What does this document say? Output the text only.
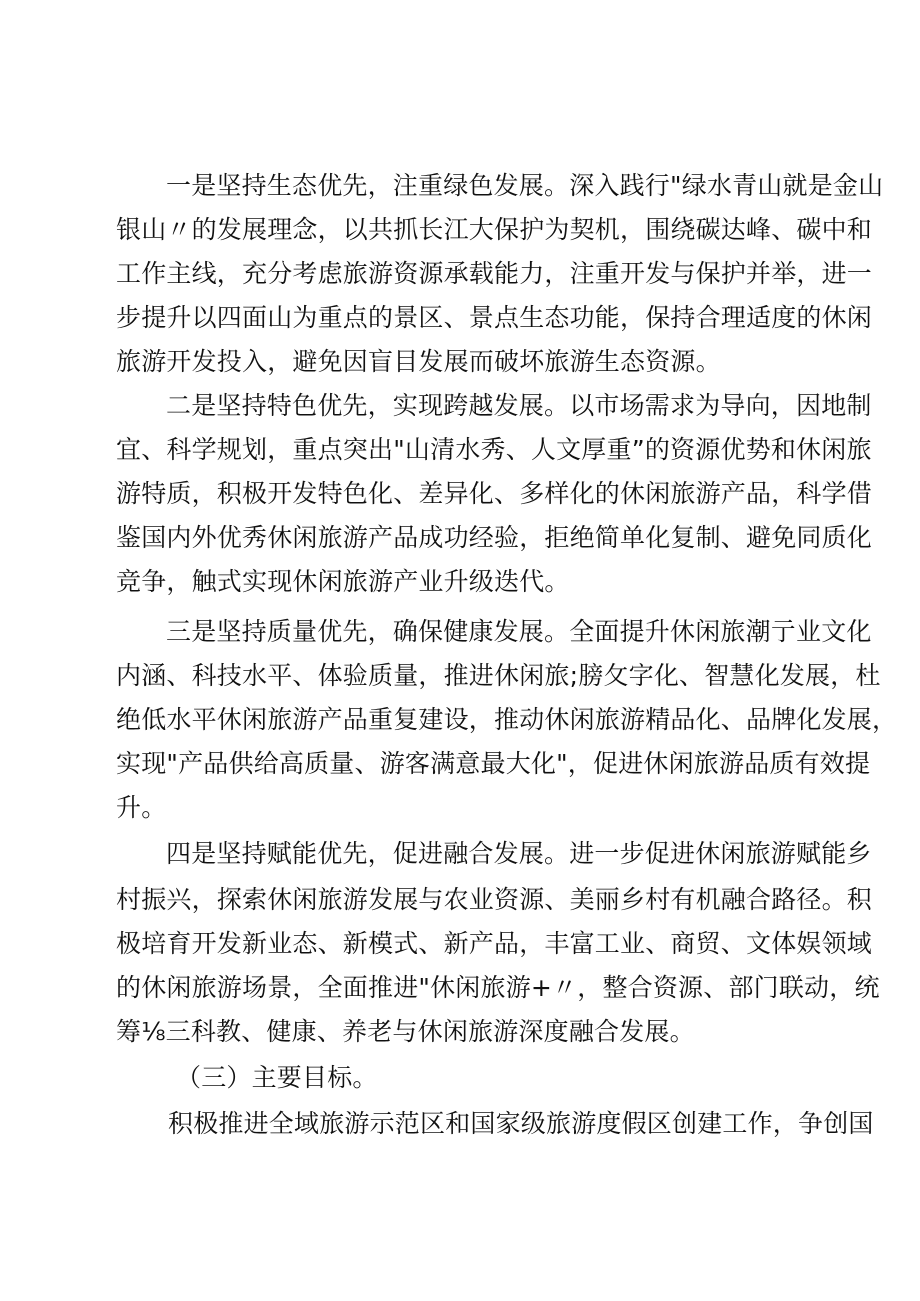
一是坚持生态优先，注重绿色发展。深入践行"绿水青山就是金山
银山〃的发展理念，以共抓长江大保护为契机，围绕碳达峰、碳中和
工作主线，充分考虑旅游资源承载能力，注重开发与保护并举，进一
步提升以四面山为重点的景区、景点生态功能，保持合理适度的休闲
旅游开发投入，避免因盲目发展而破坏旅游生态资源。
二是坚持特色优先，实现跨越发展。以市场需求为导向，因地制
宜、科学规划，重点突出"山清水秀、人文厚重”的资源优势和休闲旅
游特质，积极开发特色化、差异化、多样化的休闲旅游产品，科学借
鉴国内外优秀休闲旅游产品成功经验，拒绝简单化复制、避免同质化
竞争，触式实现休闲旅游产业升级迭代。
三是坚持质量优先，确保健康发展。全面提升休闲旅潮亍业文化
内涵、科技水平、体验质量，推进休闲旅;膀攵字化、智慧化发展，杜
绝低水平休闲旅游产品重复建设，推动休闲旅游精品化、品牌化发展，
实现"产品供给高质量、游客满意最大化"，促进休闲旅游品质有效提
升。
四是坚持赋能优先，促进融合发展。进一步促进休闲旅游赋能乡
村振兴，探索休闲旅游发展与农业资源、美丽乡村有机融合路径。积
极培育开发新业态、新模式、新产品，丰富工业、商贸、文体娱领域
的休闲旅游场景，全面推进"休闲旅游+〃，整合资源、部门联动，统
筹⅛三科教、健康、养老与休闲旅游深度融合发展。
（三）主要目标。
积极推进全域旅游示范区和国家级旅游度假区创建工作，争创国
